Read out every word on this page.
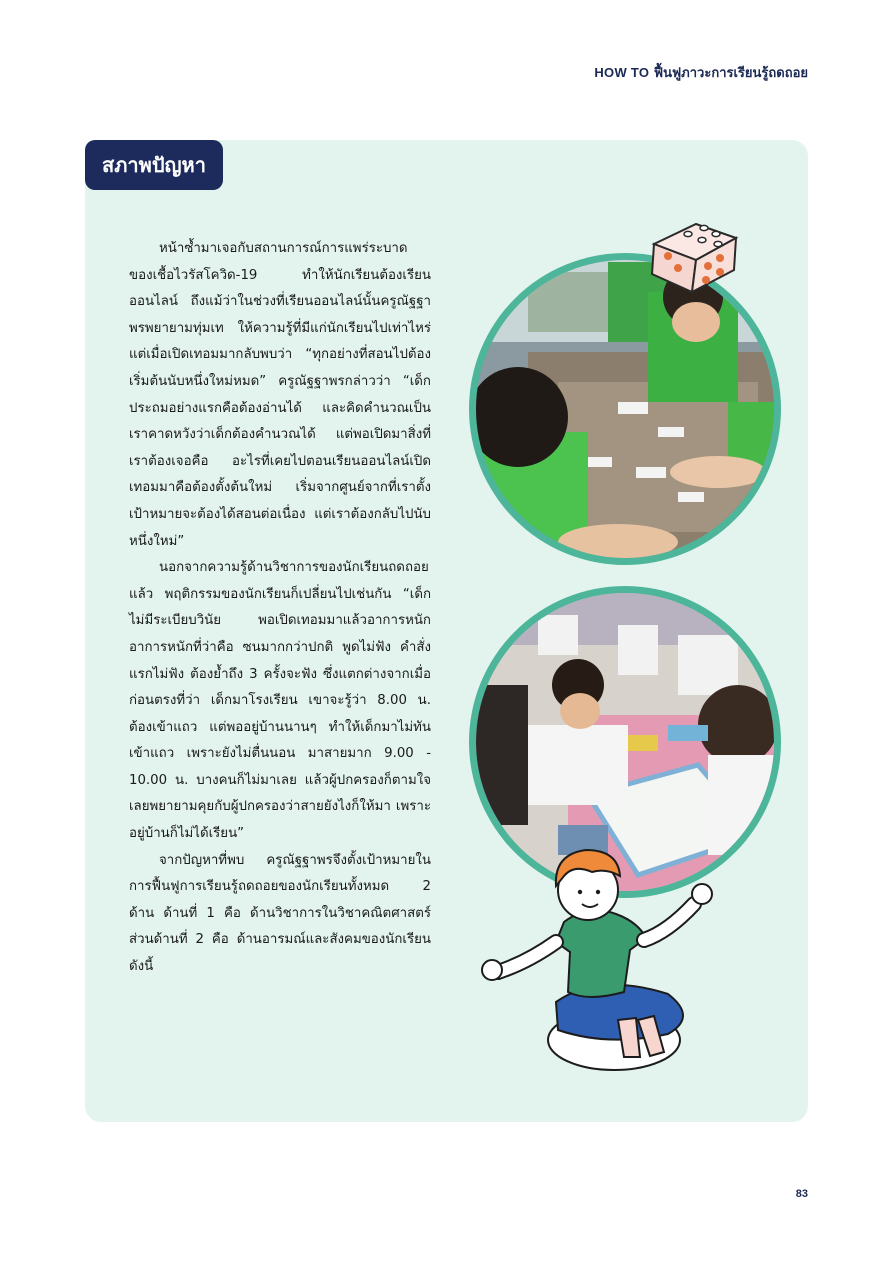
HOW TO ฟื้นฟูภาวะการเรียนรู้ถดถอย
สภาพปัญหา

หน้าซ้ำมาเจอกับสถานการณ์การแพร่ระบาดของเชื้อไวรัสโควิด-19 ทำให้นักเรียนต้องเรียนออนไลน์ ถึงแม้ว่าในช่วงที่เรียนออนไลน์นั้นครูณัฐฐาพรพยายามทุ่มเท ให้ความรู้ที่มีแก่นักเรียนไปเท่าไหร่ แต่เมื่อเปิดเทอมมากลับพบว่า “ทุกอย่างที่สอนไปต้องเริ่มต้นนับหนึ่งใหม่หมด” ครูณัฐฐาพรกล่าวว่า “เด็กประถมอย่างแรกคือต้องอ่านได้ และคิดคำนวณเป็น เราคาดหวังว่าเด็กต้องคำนวณได้ แต่พอเปิดมาสิ่งที่เราต้องเจอคือ อะไรที่เคยไปตอนเรียนออนไลน์เปิดเทอมมาคือต้องตั้งต้นใหม่ เริ่มจากศูนย์จากที่เราตั้งเป้าหมายจะต้องได้สอนต่อเนื่อง แต่เราต้องกลับไปนับหนึ่งใหม่”

นอกจากความรู้ด้านวิชาการของนักเรียนถดถอยแล้ว พฤติกรรมของนักเรียนก็เปลี่ยนไปเช่นกัน “เด็กไม่มีระเบียบวินัย พอเปิดเทอมมาแล้วอาการหนัก อาการหนักที่ว่าคือ ซนมากกว่าปกติ พูดไม่ฟัง คำสั่งแรกไม่ฟัง ต้องย้ำถึง 3 ครั้งจะฟัง ซึ่งแตกต่างจากเมื่อก่อนตรงที่ว่า เด็กมาโรงเรียน เขาจะรู้ว่า 8.00 น. ต้องเข้าแถว แต่พออยู่บ้านนานๆ ทำให้เด็กมาไม่ทันเข้าแถว เพราะยังไม่ตื่นนอน มาสายมาก 9.00 - 10.00 น. บางคนก็ไม่มาเลย แล้วผู้ปกครองก็ตามใจ เลยพยายามคุยกับผู้ปกครองว่าสายยังไงก็ให้มา เพราะอยู่บ้านก็ไม่ได้เรียน”

จากปัญหาที่พบ ครูณัฐฐาพรจึงตั้งเป้าหมายในการฟื้นฟูการเรียนรู้ถดถอยของนักเรียนทั้งหมด 2 ด้าน ด้านที่ 1 คือ ด้านวิชาการในวิชาคณิตศาสตร์ ส่วนด้านที่ 2 คือ ด้านอารมณ์และสังคมของนักเรียน ดังนี้

83
